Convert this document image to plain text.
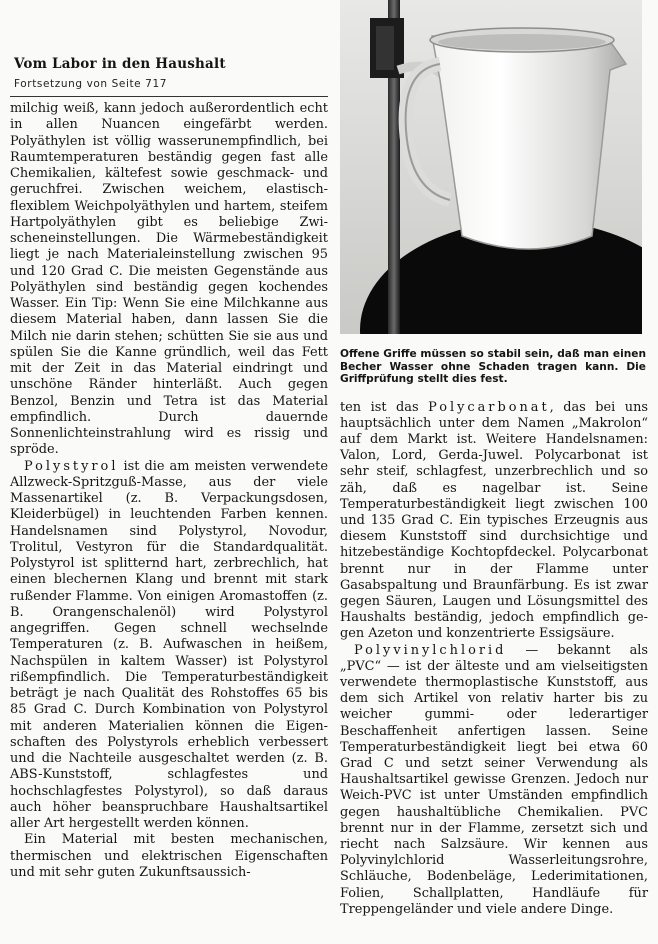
Vom Labor in den Haushalt
Fortsetzung von Seite 717

milchig weiß, kann jedoch außerordentlich echt in allen Nuancen eingefärbt werden. Polyäthylen ist völlig wasserunempfindlich, bei Raumtemperaturen beständig gegen fast alle Chemikalien, kältefest sowie geschmack- und geruchfrei. Zwischen weichem, elastisch-flexiblem Weichpolyäthylen und hartem, steifem Hartpolyäthylen gibt es beliebige Zwischeneinstellungen. Die Wärmebeständigkeit liegt je nach Materialeinstellung zwischen 95 und 120 Grad C. Die meisten Gegenstände aus Polyäthylen sind beständig gegen kochendes Wasser. Ein Tip: Wenn Sie eine Milchkanne aus diesem Material haben, dann lassen Sie die Milch nie darin stehen; schütten Sie sie aus und spülen Sie die Kanne gründlich, weil das Fett mit der Zeit in das Material eindringt und unschöne Ränder hinterläßt. Auch gegen Benzol, Benzin und Tetra ist das Material empfindlich. Durch dauernde Sonnenlichteinstrahlung wird es rissig und spröde.

Polystyrol ist die am meisten verwendete Allzweck-Spritzguß-Masse, aus der viele Massenartikel (z. B. Verpackungsdosen, Kleiderbügel) in leuchtenden Farben kennen. Handelsnamen sind Polystyrol, Novodur, Trolitul, Vestyron für die Standardqualität. Polystyrol ist splitternd hart, zerbrechlich, hat einen blechernen Klang und brennt mit stark rußender Flamme. Von einigen Aromastoffen (z. B. Orangenschalenöl) wird Polystyrol angegriffen. Gegen schnell wechselnde Temperaturen (z. B. Aufwaschen in heißem, Nachspülen in kaltem Wasser) ist Polystyrol rißempfindlich. Die Temperaturbeständigkeit beträgt je nach Qualität des Rohstoffes 65 bis 85 Grad C. Durch Kombination von Polystyrol mit anderen Materialien können die Eigenschaften des Polystyrols erheblich verbessert und die Nachteile ausgeschaltet werden (z. B. ABS-Kunststoff, schlagfestes und hochschlagfestes Polystyrol), so daß daraus auch höher beanspruchbare Haushaltsartikel aller Art hergestellt werden können.

Ein Material mit besten mechanischen, thermischen und elektrischen Eigenschaften und mit sehr guten Zukunftsaussich-

Offene Griffe müssen so stabil sein, daß man einen Becher Wasser ohne Schaden tragen kann. Die Griffprüfung stellt dies fest.

ten ist das Polycarbonat, das bei uns hauptsächlich unter dem Namen „Makrolon“ auf dem Markt ist. Weitere Handelsnamen: Valon, Lord, Gerda-Juwel. Polycarbonat ist sehr steif, schlagfest, unzerbrechlich und so zäh, daß es nagelbar ist. Seine Temperaturbeständigkeit liegt zwischen 100 und 135 Grad C. Ein typisches Erzeugnis aus diesem Kunststoff sind durchsichtige und hitzebeständige Kochtopfdeckel. Polycarbonat brennt nur in der Flamme unter Gasabspaltung und Braunfärbung. Es ist zwar gegen Säuren, Laugen und Lösungsmittel des Haushalts beständig, jedoch empfindlich gegen Azeton und konzentrierte Essigsäure.

Polyvinylchlorid — bekannt als „PVC“ — ist der älteste und am vielseitigsten verwendete thermoplastische Kunststoff, aus dem sich Artikel von relativ harter bis zu weicher gummi- oder lederartiger Beschaffenheit anfertigen lassen. Seine Temperaturbeständigkeit liegt bei etwa 60 Grad C und setzt seiner Verwendung als Haushaltsartikel gewisse Grenzen. Jedoch nur Weich-PVC ist unter Umständen empfindlich gegen haushaltübliche Chemikalien. PVC brennt nur in der Flamme, zersetzt sich und riecht nach Salzsäure. Wir kennen aus Polyvinylchlorid Wasserleitungsrohre, Schläuche, Bodenbeläge, Lederimitationen, Folien, Schallplatten, Handläufe für Treppengeländer und viele andere Dinge.
